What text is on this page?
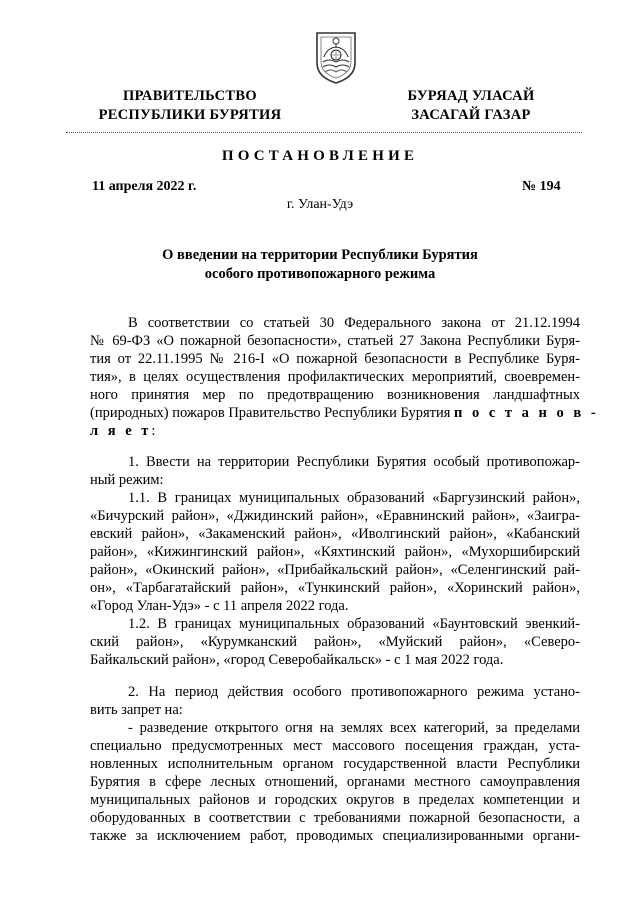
ПРАВИТЕЛЬСТВО
РЕСПУБЛИКИ БУРЯТИЯ
БУРЯАД УЛАСАЙ
ЗАСАГАЙ ГАЗАР
ПОСТАНОВЛЕНИЕ
11 апреля 2022 г.	№ 194
г. Улан-Удэ
О введении на территории Республики Бурятия
особого противопожарного режима
В соответствии со статьей 30 Федерального закона от 21.12.1994
№ 69-ФЗ «О пожарной безопасности», статьей 27 Закона Республики Буря-
тия от 22.11.1995 № 216-I «О пожарной безопасности в Республике Буря-
тия», в целях осуществления профилактических мероприятий, своевремен-
ного принятия мер по предотвращению возникновения ландшафтных
(природных) пожаров Правительство Республики Бурятия п о с т а н о в -
л я е т:
1. Ввести на территории Республики Бурятия особый противопожар-
ный режим:
1.1. В границах муниципальных образований «Баргузинский район»,
«Бичурский район», «Джидинский район», «Еравнинский район», «Заигра-
евский район», «Закаменский район», «Иволгинский район», «Кабанский
район», «Кижингинский район», «Кяхтинский район», «Мухоршибирский
район», «Окинский район», «Прибайкальский район», «Селенгинский рай-
он», «Тарбагатайский район», «Тункинский район», «Хоринский район»,
«Город Улан-Удэ» - с 11 апреля 2022 года.
1.2. В границах муниципальных образований «Баунтовский эвенкий-
ский район», «Курумканский район», «Муйский район», «Северо-
Байкальский район», «город Северобайкальск» - с 1 мая 2022 года.
2. На период действия особого противопожарного режима устано-
вить запрет на:
- разведение открытого огня на землях всех категорий, за пределами
специально предусмотренных мест массового посещения граждан, уста-
новленных исполнительным органом государственной власти Республики
Бурятия в сфере лесных отношений, органами местного самоуправления
муниципальных районов и городских округов в пределах компетенции и
оборудованных в соответствии с требованиями пожарной безопасности, а
также за исключением работ, проводимых специализированными органи-
